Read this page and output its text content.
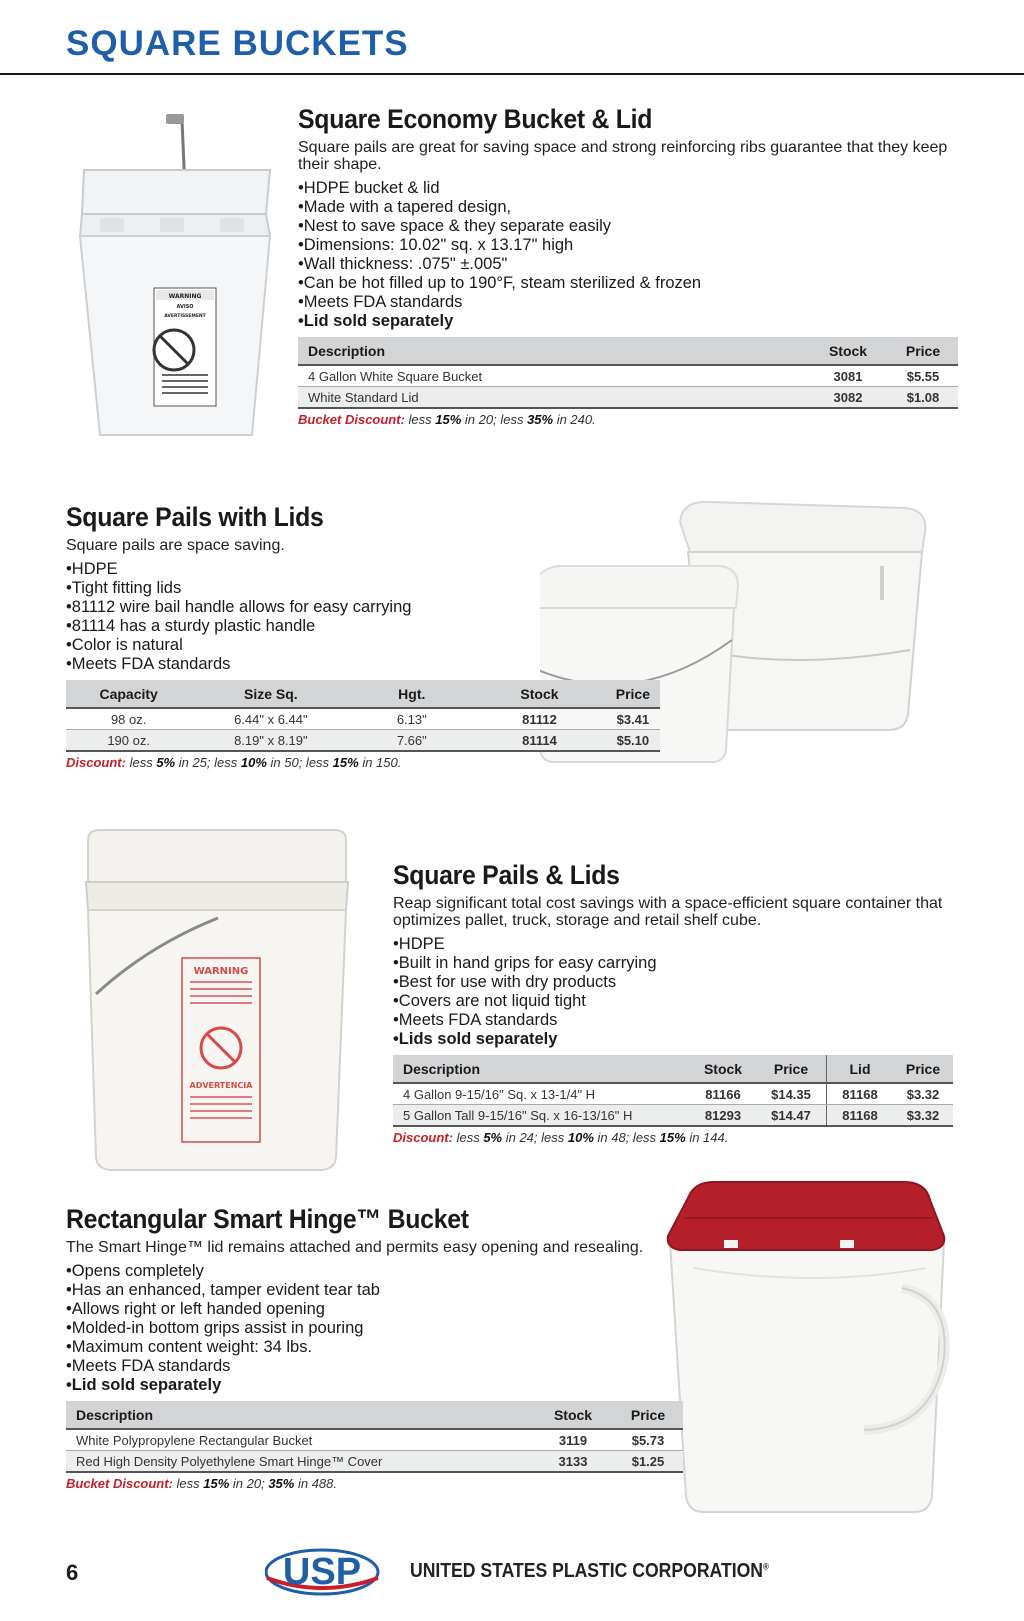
SQUARE BUCKETS
WARNING
AVISO
AVERTISSEMENT
Square Economy Bucket & Lid

Square pails are great for saving space and strong reinforcing ribs guarantee that they keep their shape.

• HDPE bucket & lid
• Made with a tapered design,
• Nest to save space & they separate easily
• Dimensions: 10.02" sq. x 13.17" high
• Wall thickness: .075" ±.005"
• Can be hot filled up to 190°F, steam sterilized & frozen
• Meets FDA standards
• Lid sold separately
Description	Stock	Price
4 Gallon White Square Bucket	3081	$5.55
White Standard Lid	3082	$1.08
Bucket Discount: less 15% in 20; less 35% in 240.
Square Pails with Lids

Square pails are space saving.

• HDPE
• Tight fitting lids
• 81112 wire bail handle allows for easy carrying
• 81114 has a sturdy plastic handle
• Color is natural
• Meets FDA standards
Capacity	Size Sq.	Hgt.	Stock	Price
98 oz.	6.44" x 6.44"	6.13"	81112	$3.41
190 oz.	8.19" x 8.19"	7.66"	81114	$5.10
Discount: less 5% in 25; less 10% in 50; less 15% in 150.
WARNING
ADVERTENCIA
Square Pails & Lids

Reap significant total cost savings with a space-efficient square container that optimizes pallet, truck, storage and retail shelf cube.

• HDPE
• Built in hand grips for easy carrying
• Best for use with dry products
• Covers are not liquid tight
• Meets FDA standards
• Lids sold separately
Description	Stock	Price	Lid	Price
4 Gallon 9-15/16" Sq. x 13-1/4" H	81166	$14.35	81168	$3.32
5 Gallon Tall 9-15/16" Sq. x 16-13/16" H	81293	$14.47	81168	$3.32
Discount: less 5% in 24; less 10% in 48; less 15% in 144.
Rectangular Smart Hinge™ Bucket

The Smart Hinge™ lid remains attached and permits easy opening and resealing.

• Opens completely
• Has an enhanced, tamper evident tear tab
• Allows right or left handed opening
• Molded-in bottom grips assist in pouring
• Maximum content weight: 34 lbs.
• Meets FDA standards
• Lid sold separately
Description	Stock	Price
White Polypropylene Rectangular Bucket	3119	$5.73
Red High Density Polyethylene Smart Hinge™ Cover	3133	$1.25
Bucket Discount: less 15% in 20; 35% in 488.
6	USP UNITED STATES PLASTIC CORPORATION®
